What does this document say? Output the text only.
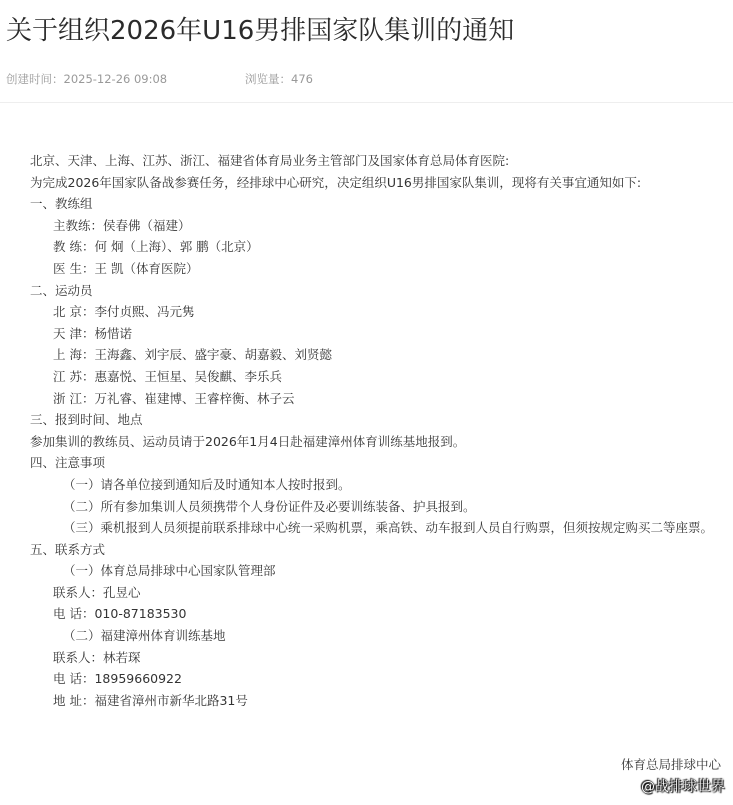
关于组织2026年U16男排国家队集训的通知
创建时间：2025-12-26 09:08	浏览量：476
北京、天津、上海、江苏、浙江、福建省体育局业务主管部门及国家体育总局体育医院:
为完成2026年国家队备战参赛任务，经排球中心研究，决定组织U16男排国家队集训，现将有关事宜通知如下:
一、教练组
主教练：侯春佛（福建）
教 练：何 炯（上海）、郭 鹏（北京）
医 生：王 凯（体育医院）
二、运动员
北 京：李付贞熙、冯元隽
天 津：杨惜诺
上 海：王海鑫、刘宇辰、盛宇豪、胡嘉毅、刘贤懿
江 苏：惠嘉悦、王恒星、吴俊麒、李乐兵
浙 江：万礼睿、崔建博、王睿梓衡、林子云
三、报到时间、地点
参加集训的教练员、运动员请于2026年1月4日赴福建漳州体育训练基地报到。
四、注意事项
（一）请各单位接到通知后及时通知本人按时报到。
（二）所有参加集训人员须携带个人身份证件及必要训练装备、护具报到。
（三）乘机报到人员须提前联系排球中心统一采购机票，乘高铁、动车报到人员自行购票，但须按规定购买二等座票。
五、联系方式
（一）体育总局排球中心国家队管理部
联系人：孔昱心
电 话：010-87183530
（二）福建漳州体育训练基地
联系人：林若琛
电 话：18959660922
地 址：福建省漳州市新华北路31号
体育总局排球中心
@战排球世界
